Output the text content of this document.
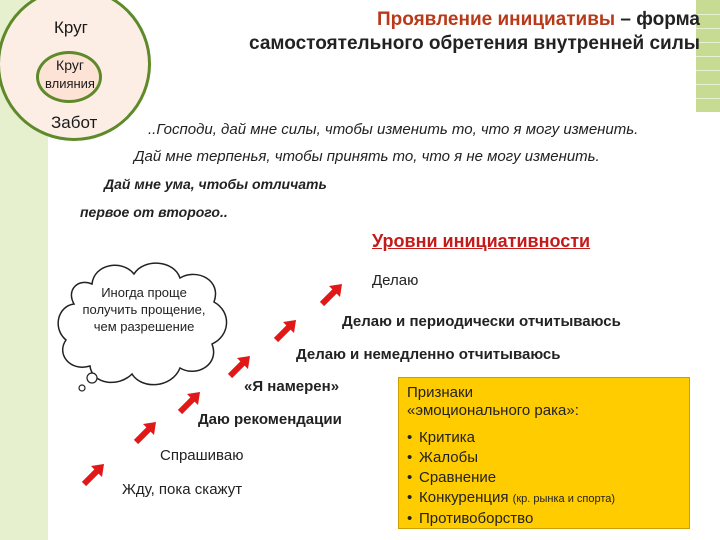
Круг
Забот
Круг
влияния
Проявление инициативы – форма
самостоятельного обретения внутренней силы
..Господи, дай мне силы, чтобы изменить то, что я могу изменить.
Дай мне терпенья, чтобы принять то, что я не могу изменить.
Дай мне ума, чтобы отличать
первое от второго..
Уровни инициативности
Иногда проще получить прощение, чем разрешение
Делаю
Делаю и периодически отчитываюсь
Делаю и немедленно отчитываюсь
«Я намерен»
Даю рекомендации
Спрашиваю
Жду, пока скажут
Признаки
«эмоционального рака»:
• Критика
• Жалобы
• Сравнение
• Конкуренция (кр. рынка и спорта)
• Противоборство
